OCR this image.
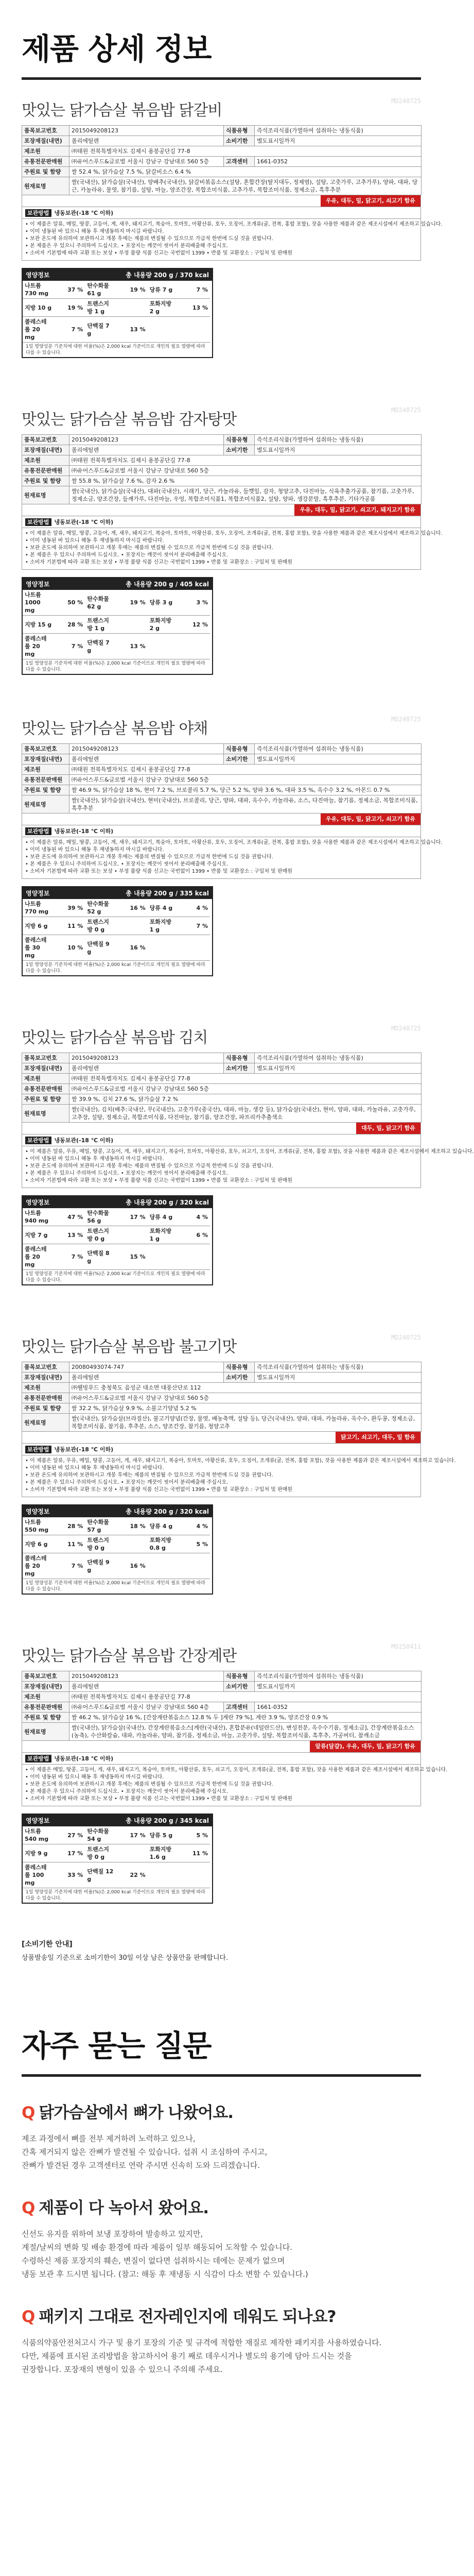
제품 상세 정보
맛있는 닭가슴살 볶음밥 닭갈비
MD240725
품목보고번호	2015049208123	식품유형	즉석조리식품(가열하여 섭취하는 냉동식품)
포장재질(내면)	폴리에틸렌	소비기한	별도표시일까지
제조원	㈜태원 전북특별자치도 김제시 용봉공단길 77-8		
유통전문판매원	㈜유어스푸드&글로벌 서울시 강남구 강남대로 560 5층	고객센터	1661-0352
주원료 및 함량	쌀 52.4 %, 닭가슴살 7.5 %, 닭갈비소스 6.4 %		
원재료명	쌀(국내산), 닭가슴살(국내산), 양배추(국내산), 닭갈비볶음소스(설탕, 혼합간장(탈지대두, 정제염), 설탕, 고춧가루, 고추가루), 양파, 대파, 당근, 카놀라유, 물엿, 참기름, 설탕, 마늘, 양조간장, 복합조미식품, 고추가루, 복합조미식품, 정제소금, 흑후추분		
우유, 대두, 밀, 닭고기, 쇠고기 함유
보관방법 냉동보관(-18 ℃ 이하)
• 이 제품은 알류, 메밀, 땅콩, 고등어, 게, 새우, 돼지고기, 복숭아, 토마토, 아황산류, 호두, 오징어, 조개류(굴, 전복, 홍합 포함), 잣을 사용한 제품과 같은 제조시설에서 제조하고 있습니다.
• 이미 냉동된 바 있으니 해동 후 재냉동하지 마시길 바랍니다.
• 보관 온도에 유의하여 보관하시고 개봉 후에는 제품의 변질될 수 있으므로 가급적 한번에 드실 것을 권합니다.
• 본 제품은 우 있으니 주의하여 드십시오. • 포장지는 깨끗이 씻어서 분리배출해 주십시오.
• 소비자 기본법에 따라 교환 또는 보상 • 부정 불량 식품 신고는 국번없이 1399 • 반품 및 교환장소 : 구입처 및 판매원
영양정보	총 내용량 200 g / 370 kcal
나트륨 730 mg	37 %	탄수화물 61 g	19 %	당류 7 g	7 %
지방 10 g	19 %	트랜스지방 1 g		포화지방 2 g	13 %
콜레스테롤 20 mg	7 %	단백질 7 g	13 %		
1일 영양성분 기준치에 대한 비율(%)은 2,000 kcal 기준이므로 개인의 필요 열량에 따라 다를 수 있습니다.
맛있는 닭가슴살 볶음밥 감자탕맛
MD240725
품목보고번호	2015049208123	식품유형	즉석조리식품(가열하여 섭취하는 냉동식품)
포장재질(내면)	폴리에틸렌	소비기한	별도표시일까지
제조원	㈜태원 전북특별자치도 김제시 용봉공단길 77-8		
유통전문판매원	㈜유어스푸드&글로벌 서울시 강남구 강남대로 560 5층		
주원료 및 함량	쌀 55.8 %, 닭가슴살 7.6 %, 감자 2.6 %		
원재료명	쌀(국내산), 닭가슴살(국내산), 대파(국내산), 시래기, 당근, 카놀라유, 들깻잎, 감자, 청양고추, 다진마늘, 식육추출가공품, 참기름, 고춧가루, 정제소금, 양조간장, 들깨가루, 다진마늘, 우엉, 복합조미식품1, 복합조미식품2, 설탕, 양파, 생강분말, 흑후추분, 기타가공품		
우유, 대두, 밀, 닭고기, 쇠고기, 돼지고기 함유
보관방법 냉동보관(-18 ℃ 이하)
• 이 제품은 알류, 메밀, 땅콩, 고등어, 게, 새우, 돼지고기, 복숭아, 토마토, 아황산류, 호두, 오징어, 조개류(굴, 전복, 홍합 포함), 잣을 사용한 제품과 같은 제조시설에서 제조하고 있습니다.
• 이미 냉동된 바 있으니 해동 후 재냉동하지 마시길 바랍니다.
• 보관 온도에 유의하여 보관하시고 개봉 후에는 제품의 변질될 수 있으므로 가급적 한번에 드실 것을 권합니다.
• 본 제품은 우 있으니 주의하여 드십시오. • 포장지는 깨끗이 씻어서 분리배출해 주십시오.
• 소비자 기본법에 따라 교환 또는 보상 • 부정 불량 식품 신고는 국번없이 1399 • 반품 및 교환장소 : 구입처 및 판매원
영양정보	총 내용량 200 g / 405 kcal
나트륨 1000 mg	50 %	탄수화물 62 g	19 %	당류 3 g	3 %
지방 15 g	28 %	트랜스지방 1 g		포화지방 2 g	12 %
콜레스테롤 20 mg	7 %	단백질 7 g	13 %		
1일 영양성분 기준치에 대한 비율(%)은 2,000 kcal 기준이므로 개인의 필요 열량에 따라 다를 수 있습니다.
맛있는 닭가슴살 볶음밥 야채
MD240725
품목보고번호	2015049208123	식품유형	즉석조리식품(가열하여 섭취하는 냉동식품)
포장재질(내면)	폴리에틸렌	소비기한	별도표시일까지
제조원	㈜태원 전북특별자치도 김제시 용봉공단길 77-8		
유통전문판매원	㈜유어스푸드&글로벌 서울시 강남구 강남대로 560 5층		
주원료 및 함량	쌀 46.9 %, 닭가슴살 18 %, 현미 7.2 %, 브로콜리 5.7 %, 당근 5.2 %, 양파 3.6 %, 대파 3.5 %, 옥수수 3.2 %, 아몬드 0.7 %		
원재료명	쌀(국내산), 닭가슴살(국내산), 현미(국내산), 브로콜리, 당근, 양파, 대파, 옥수수, 카놀라유, 소스, 다진마늘, 참기름, 정제소금, 복합조미식품, 흑후추분		
우유, 대두, 밀, 닭고기, 쇠고기 함유
보관방법 냉동보관(-18 ℃ 이하)
• 이 제품은 알류, 메밀, 땅콩, 고등어, 게, 새우, 돼지고기, 복숭아, 토마토, 아황산류, 호두, 오징어, 조개류(굴, 전복, 홍합 포함), 잣을 사용한 제품과 같은 제조시설에서 제조하고 있습니다.
• 이미 냉동된 바 있으니 해동 후 재냉동하지 마시길 바랍니다.
• 보관 온도에 유의하여 보관하시고 개봉 후에는 제품의 변질될 수 있으므로 가급적 한번에 드실 것을 권합니다.
• 본 제품은 우 있으니 주의하여 드십시오. • 포장지는 깨끗이 씻어서 분리배출해 주십시오.
• 소비자 기본법에 따라 교환 또는 보상 • 부정 불량 식품 신고는 국번없이 1399 • 반품 및 교환장소 : 구입처 및 판매원
영양정보	총 내용량 200 g / 335 kcal
나트륨 770 mg	39 %	탄수화물 52 g	16 %	당류 4 g	4 %
지방 6 g	11 %	트랜스지방 0 g		포화지방 1 g	7 %
콜레스테롤 30 mg	10 %	단백질 9 g	16 %		
1일 영양성분 기준치에 대한 비율(%)은 2,000 kcal 기준이므로 개인의 필요 열량에 따라 다를 수 있습니다.
맛있는 닭가슴살 볶음밥 김치
MD240725
품목보고번호	2015049208123	식품유형	즉석조리식품(가열하여 섭취하는 냉동식품)
포장재질(내면)	폴리에틸렌	소비기한	별도표시일까지
제조원	㈜태원 전북특별자치도 김제시 용봉공단길 77-8		
유통전문판매원	㈜유어스푸드&글로벌 서울시 강남구 강남대로 560 5층		
주원료 및 함량	쌀 39.9 %, 김치 27.6 %, 닭가슴살 7.2 %		
원재료명	쌀(국내산), 김치(배추:국내산, 무(국내산), 고춧가루(중국산), 대파, 마늘, 생강 등), 닭가슴살(국내산), 현미, 양파, 대파, 카놀라유, 고춧가루, 고추장, 설탕, 정제소금, 복합조미식품, 다진마늘, 참기름, 양조간장, 파프리카추출색소		
대두, 밀, 닭고기 함유
보관방법 냉동보관(-18 ℃ 이하)
• 이 제품은 알류, 우유, 메밀, 땅콩, 고등어, 게, 새우, 돼지고기, 복숭아, 토마토, 아황산류, 호두, 쇠고기, 오징어, 조개류(굴, 전복, 홍합 포함), 잣을 사용한 제품과 같은 제조시설에서 제조하고 있습니다.
• 이미 냉동된 바 있으니 해동 후 재냉동하지 마시길 바랍니다.
• 보관 온도에 유의하여 보관하시고 개봉 후에는 제품의 변질될 수 있으므로 가급적 한번에 드실 것을 권합니다.
• 본 제품은 우 있으니 주의하여 드십시오. • 포장지는 깨끗이 씻어서 분리배출해 주십시오.
• 소비자 기본법에 따라 교환 또는 보상 • 부정 불량 식품 신고는 국번없이 1399 • 반품 및 교환장소 : 구입처 및 판매원
영양정보	총 내용량 200 g / 320 kcal
나트륨 940 mg	47 %	탄수화물 56 g	17 %	당류 4 g	4 %
지방 7 g	13 %	트랜스지방 0 g		포화지방 1 g	6 %
콜레스테롤 20 mg	7 %	단백질 8 g	15 %		
1일 영양성분 기준치에 대한 비율(%)은 2,000 kcal 기준이므로 개인의 필요 열량에 따라 다를 수 있습니다.
맛있는 닭가슴살 볶음밥 불고기맛
MD240725
품목보고번호	20080493074-747	식품유형	즉석조리식품(가열하여 섭취하는 냉동식품)
포장재질(내면)	폴리에틸렌	소비기한	별도표시일까지
제조원	㈜웰빙푸드 충청북도 음성군 대소면 대풍산단로 112		
유통전문판매원	㈜유어스푸드&글로벌 서울시 강남구 강남대로 560 5층		
주원료 및 함량	쌀 32.2 %, 닭가슴살 9.9 %, 소불고기양념 5.2 %		
원재료명	쌀(국내산), 닭가슴살(브라질산), 불고기양념(간장, 물엿, 배농축액, 설탕 등), 당근(국내산), 양파, 대파, 카놀라유, 옥수수, 완두콩, 정제소금, 복합조미식품, 참기름, 후추분, 소스, 양조간장, 참기름, 청양고추		
닭고기, 쇠고기, 대두, 밀 함유
보관방법 냉동보관(-18 ℃ 이하)
• 이 제품은 알류, 우유, 메밀, 땅콩, 고등어, 게, 새우, 돼지고기, 복숭아, 토마토, 아황산류, 호두, 오징어, 조개류(굴, 전복, 홍합 포함), 잣을 사용한 제품과 같은 제조시설에서 제조하고 있습니다.
• 이미 냉동된 바 있으니 해동 후 재냉동하지 마시길 바랍니다.
• 보관 온도에 유의하여 보관하시고 개봉 후에는 제품의 변질될 수 있으므로 가급적 한번에 드실 것을 권합니다.
• 본 제품은 우 있으니 주의하여 드십시오. • 포장지는 깨끗이 씻어서 분리배출해 주십시오.
• 소비자 기본법에 따라 교환 또는 보상 • 부정 불량 식품 신고는 국번없이 1399 • 반품 및 교환장소 : 구입처 및 판매원
영양정보	총 내용량 200 g / 320 kcal
나트륨 550 mg	28 %	탄수화물 57 g	18 %	당류 4 g	4 %
지방 6 g	11 %	트랜스지방 0 g		포화지방 0.8 g	5 %
콜레스테롤 20 mg	7 %	단백질 9 g	16 %		
1일 영양성분 기준치에 대한 비율(%)은 2,000 kcal 기준이므로 개인의 필요 열량에 따라 다를 수 있습니다.
맛있는 닭가슴살 볶음밥 간장계란
MD250411
품목보고번호	2015049208123	식품유형	즉석조리식품(가열하여 섭취하는 냉동식품)
포장재질(내면)	폴리에틸렌	소비기한	별도표시일까지
제조원	㈜태원 전북특별자치도 김제시 용봉공단길 77-8		
유통전문판매원	㈜유어스푸드&글로벌 서울시 강남구 강남대로 560 4층	고객센터	1661-0352
주원료 및 함량	쌀 46.2 %, 닭가슴살 16 %, [간장계란볶음소스 12.8 % 두 ]계란 79 %], 계란 3.9 %, 양조간장 0.9 %		
원재료명	쌀(국내산), 닭가슴살(국내산), 간장계란볶음소스[계란(국내산), 혼합분유(네덜란드산), 변성전분, 옥수수기름, 정제소금], 간장계란볶음소스(농축), 수산화칼슘, 대파, 카놀라유, 양파, 참기름, 정제소금, 마늘, 고춧가루, 설탕, 복합조미식품, 흑후추, 가공버터, 참깨소금		
알류(달걀), 우유, 대두, 밀, 닭고기 함유
보관방법 냉동보관(-18 ℃ 이하)
• 이 제품은 메밀, 땅콩, 고등어, 게, 새우, 돼지고기, 복숭아, 토마토, 아황산류, 호두, 쇠고기, 오징어, 조개류(굴, 전복, 홍합 포함), 잣을 사용한 제품과 같은 제조시설에서 제조하고 있습니다.
• 이미 냉동된 바 있으니 해동 후 재냉동하지 마시길 바랍니다.
• 보관 온도에 유의하여 보관하시고 개봉 후에는 제품의 변질될 수 있으므로 가급적 한번에 드실 것을 권합니다.
• 본 제품은 우 있으니 주의하여 드십시오. • 포장지는 깨끗이 씻어서 분리배출해 주십시오.
• 소비자 기본법에 따라 교환 또는 보상 • 부정 불량 식품 신고는 국번없이 1399 • 반품 및 교환장소 : 구입처 및 판매원
영양정보	총 내용량 200 g / 345 kcal
나트륨 540 mg	27 %	탄수화물 54 g	17 %	당류 5 g	5 %
지방 9 g	17 %	트랜스지방 0 g		포화지방 1.6 g	11 %
콜레스테롤 100 mg	33 %	단백질 12 g	22 %		
1일 영양성분 기준치에 대한 비율(%)은 2,000 kcal 기준이므로 개인의 필요 열량에 따라 다를 수 있습니다.
[소비기한 안내]
상품발송일 기준으로 소비기한이 30일 이상 남은 상품만을 판매합니다.
자주 묻는 질문
Q 닭가슴살에서 뼈가 나왔어요.
제조 과정에서 뼈를 전부 제거하려 노력하고 있으나,
간혹 제거되지 않은 잔뼈가 발견될 수 있습니다. 섭취 시 조심하여 주시고,
잔뼈가 발견된 경우 고객센터로 연락 주시면 신속히 도와 드리겠습니다.
Q 제품이 다 녹아서 왔어요.
신선도 유지를 위하여 보냉 포장하여 발송하고 있지만,
계절/날씨의 변화 및 배송 환경에 따라 제품이 일부 해동되어 도착할 수 있습니다.
수령하신 제품 포장지의 훼손, 변질이 없다면 섭취하시는 데에는 문제가 없으며
냉동 보관 후 드시면 됩니다. (참고: 해동 후 재냉동 시 식감이 다소 변할 수 있습니다.)
Q 패키지 그대로 전자레인지에 데워도 되나요?
식품의약품안전처고시 가구 및 용기 포장의 기준 및 규격에 적합한 재질로 제작한 패키지를 사용하였습니다.
다만, 제품에 표시된 조리방법을 참고하시어 용기 째로 데우시거나 별도의 용기에 담아 드시는 것을
권장합니다. 포장재의 변형이 있을 수 있으니 주의해 주세요.
